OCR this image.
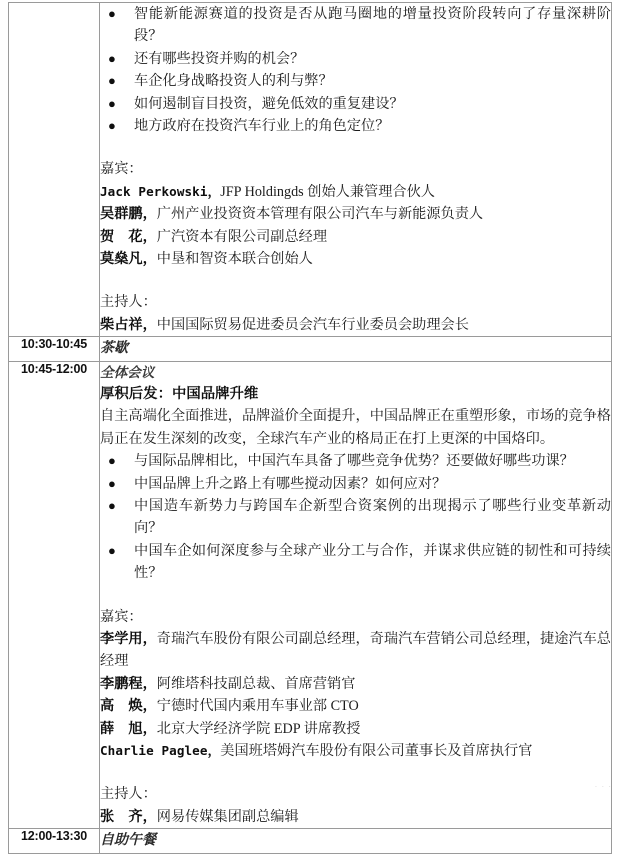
● 智能新能源赛道的投资是否从跑马圈地的增量投资阶段转向了存量深耕阶段？
● 还有哪些投资并购的机会？
● 车企化身战略投资人的利与弊？
● 如何遏制盲目投资，避免低效的重复建设？
● 地方政府在投资汽车行业上的角色定位？
嘉宾：
Jack Perkowski，JFP Holdingds 创始人兼管理合伙人
吴群鹏，广州产业投资资本管理有限公司汽车与新能源负责人
贺　花，广汽资本有限公司副总经理
莫燊凡，中垦和智资本联合创始人
主持人：
柴占祥，中国国际贸易促进委员会汽车行业委员会助理会长

10:30-10:45	茶歇

10:45-12:00	全体会议
厚积后发：中国品牌升维
自主高端化全面推进，品牌溢价全面提升，中国品牌正在重塑形象，市场的竞争格局正在发生深刻的改变，全球汽车产业的格局正在打上更深的中国烙印。
● 与国际品牌相比，中国汽车具备了哪些竞争优势？还要做好哪些功课？
● 中国品牌上升之路上有哪些搅动因素？如何应对？
● 中国造车新势力与跨国车企新型合资案例的出现揭示了哪些行业变革新动向？
● 中国车企如何深度参与全球产业分工与合作，并谋求供应链的韧性和可持续性？
嘉宾：
李学用，奇瑞汽车股份有限公司副总经理，奇瑞汽车营销公司总经理，捷途汽车总经理
李鹏程，阿维塔科技副总裁、首席营销官
高　焕，宁德时代国内乘用车事业部 CTO
薛　旭，北京大学经济学院 EDP 讲席教授
Charlie Paglee，美国班塔姆汽车股份有限公司董事长及首席执行官
主持人：
张　齐，网易传媒集团副总编辑

12:00-13:30	自助午餐
· · ·
